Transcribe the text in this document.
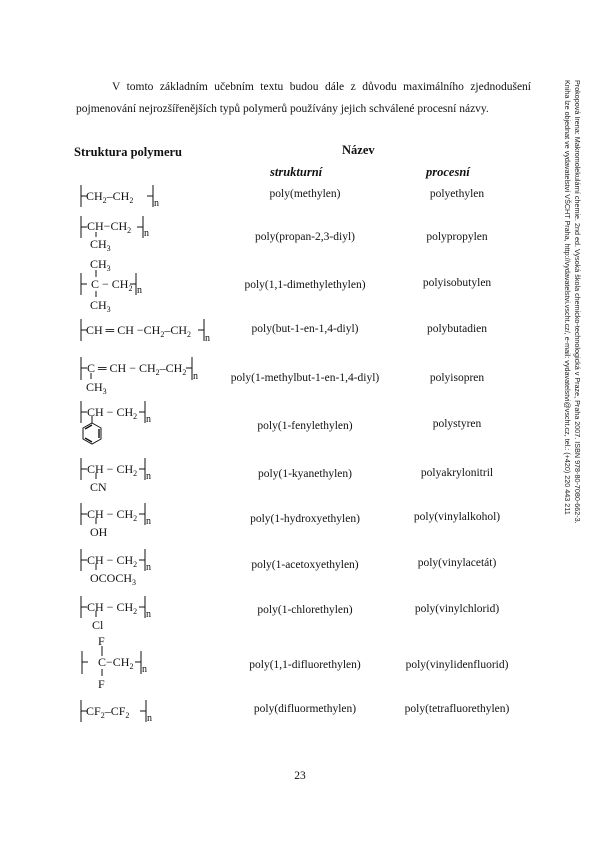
V tomto základním učebním textu budou dále z důvodu maximálního zjednodušení pojmenování nejrozšířenějších typů polymerů používány jejich schválené procesní názvy.

Struktura polymeru	Název
strukturní	procesní
$CH_2-CH_2$ n
poly(methylen)	polyethylen
$CH-CH_2$ n
$CH_3$
poly(propan-2,3-diyl)	polypropylen
$CH_3$
$C - CH_2$ n
$CH_3$
poly(1,1-dimethylethylen)	polyisobutylen
CH ═ CH $-CH_2-CH_2$ n
poly(but-1-en-1,4-diyl)	polybutadien
C ═ CH − $CH_2-CH_2$ n
$CH_3$
poly(1-methylbut-1-en-1,4-diyl)	polyisopren
CH − $CH_2$ n
poly(1-fenylethylen)	polystyren
CH − $CH_2$ n
CN
poly(1-kyanethylen)	polyakrylonitril
CH − $CH_2$ n
OH
poly(1-hydroxyethylen)	poly(vinylalkohol)
CH − $CH_2$ n
$OCOCH_3$
poly(1-acetoxyethylen)	poly(vinylacetát)
CH − $CH_2$ n
Cl
poly(1-chlorethylen)	poly(vinylchlorid)
F
$C-CH_2$ n
F
poly(1,1-difluorethylen)	poly(vinylidenfluorid)
$CF_2-CF_2$ n
poly(difluormethylen)	poly(tetrafluorethylen)
23
Prokopová Irena: Makromolekulární chemie. 2nd ed. Vysoká škola chemicko-technologická v Praze, Praha 2007. ISBN 978-80-7080-662-3.
Kniha lze objednat ve vydavatelství VŠCHT Praha, http://vydavatelstvi.vscht.cz/, e-mail: vydavatelstvi@vscht.cz, tel.: (+420) 220 443 211
